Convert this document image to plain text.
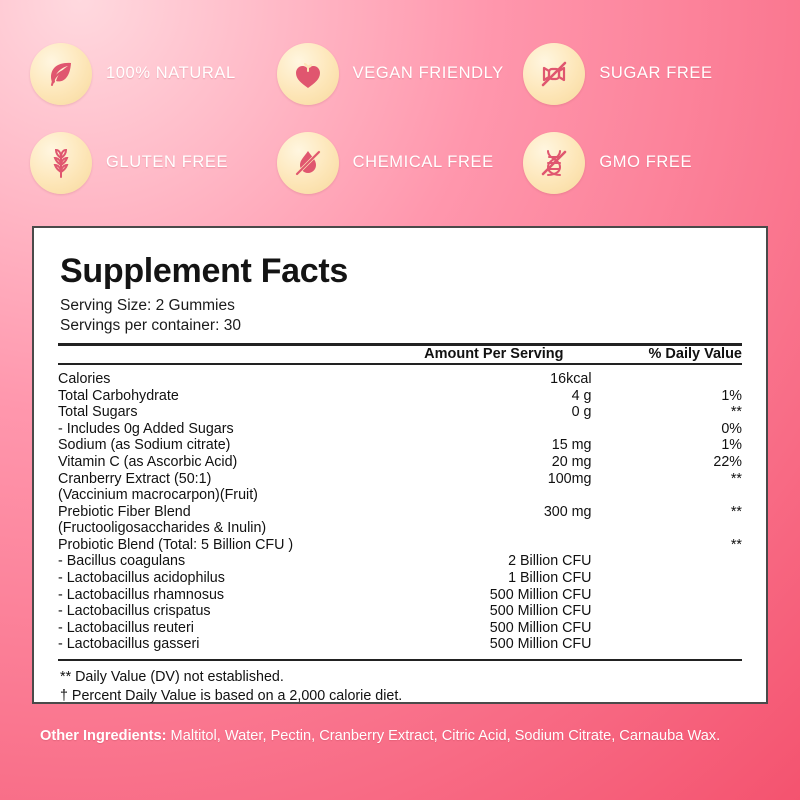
100% NATURAL	VEGAN FRIENDLY	SUGAR FREE
GLUTEN FREE	CHEMICAL FREE	GMO FREE
Supplement Facts
Serving Size: 2 Gummies
Servings per container: 30
	Amount Per Serving	% Daily Value

Calories	16kcal	
Total Carbohydrate	4 g	1%
Total Sugars	0 g	**
- Includes 0g Added Sugars		0%
Sodium (as Sodium citrate)	15 mg	1%
Vitamin C (as Ascorbic Acid)	20 mg	22%
Cranberry Extract (50:1)	100mg	**
(Vaccinium macrocarpon)(Fruit)		
Prebiotic Fiber Blend	300 mg	**
(Fructooligosaccharides & Inulin)		
Probiotic Blend (Total: 5 Billion CFU )		**
- Bacillus coagulans	2 Billion CFU	
- Lactobacillus acidophilus	1 Billion CFU	
- Lactobacillus rhamnosus	500 Million CFU	
- Lactobacillus crispatus	500 Million CFU	
- Lactobacillus reuteri	500 Million CFU	
- Lactobacillus gasseri	500 Million CFU	

** Daily Value (DV) not established.
† Percent Daily Value is based on a 2,000 calorie diet.
Other Ingredients: Maltitol, Water, Pectin, Cranberry Extract, Citric Acid, Sodium Citrate, Carnauba Wax.
